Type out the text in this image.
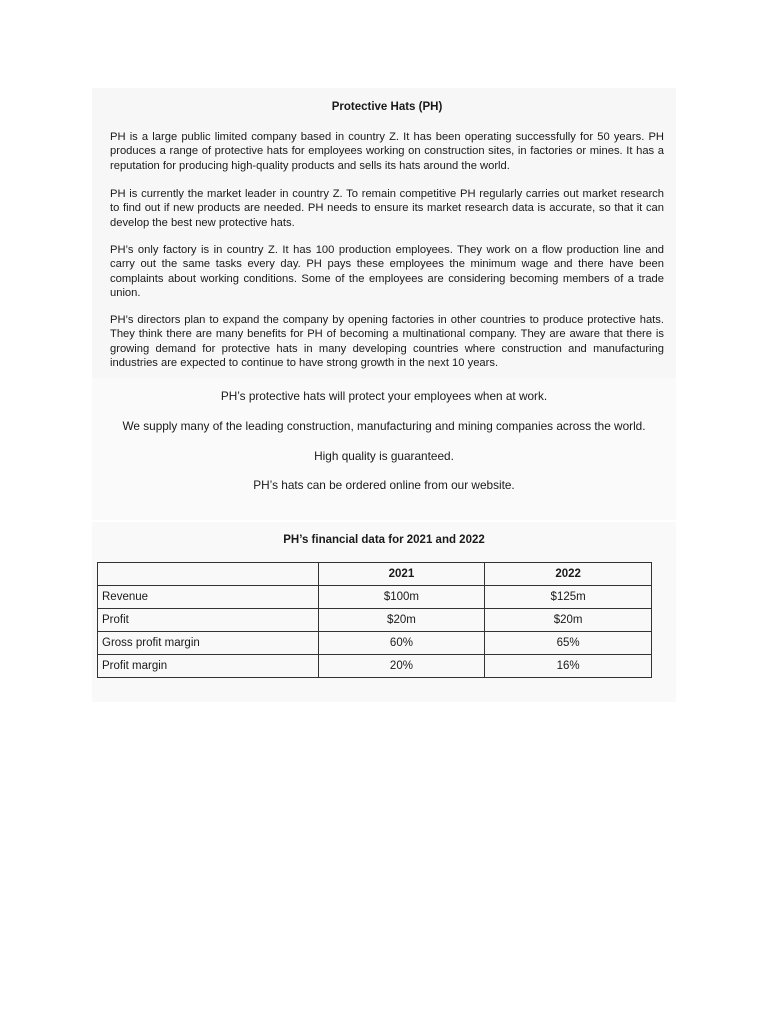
Protective Hats (PH)

PH is a large public limited company based in country Z. It has been operating successfully for 50 years. PH produces a range of protective hats for employees working on construction sites, in factories or mines. It has a reputation for producing high-quality products and sells its hats around the world.

PH is currently the market leader in country Z. To remain competitive PH regularly carries out market research to find out if new products are needed. PH needs to ensure its market research data is accurate, so that it can develop the best new protective hats.

PH’s only factory is in country Z. It has 100 production employees. They work on a flow production line and carry out the same tasks every day. PH pays these employees the minimum wage and there have been complaints about working conditions. Some of the employees are considering becoming members of a trade union.

PH’s directors plan to expand the company by opening factories in other countries to produce protective hats. They think there are many benefits for PH of becoming a multinational company. They are aware that there is growing demand for protective hats in many developing countries where construction and manufacturing industries are expected to continue to have strong growth in the next 10 years.

PH’s protective hats will protect your employees when at work.

We supply many of the leading construction, manufacturing and mining companies across the world.

High quality is guaranteed.

PH’s hats can be ordered online from our website.

PH’s financial data for 2021 and 2022
	2021	2022
Revenue	$100m	$125m
Profit	$20m	$20m
Gross profit margin	60%	65%
Profit margin	20%	16%
